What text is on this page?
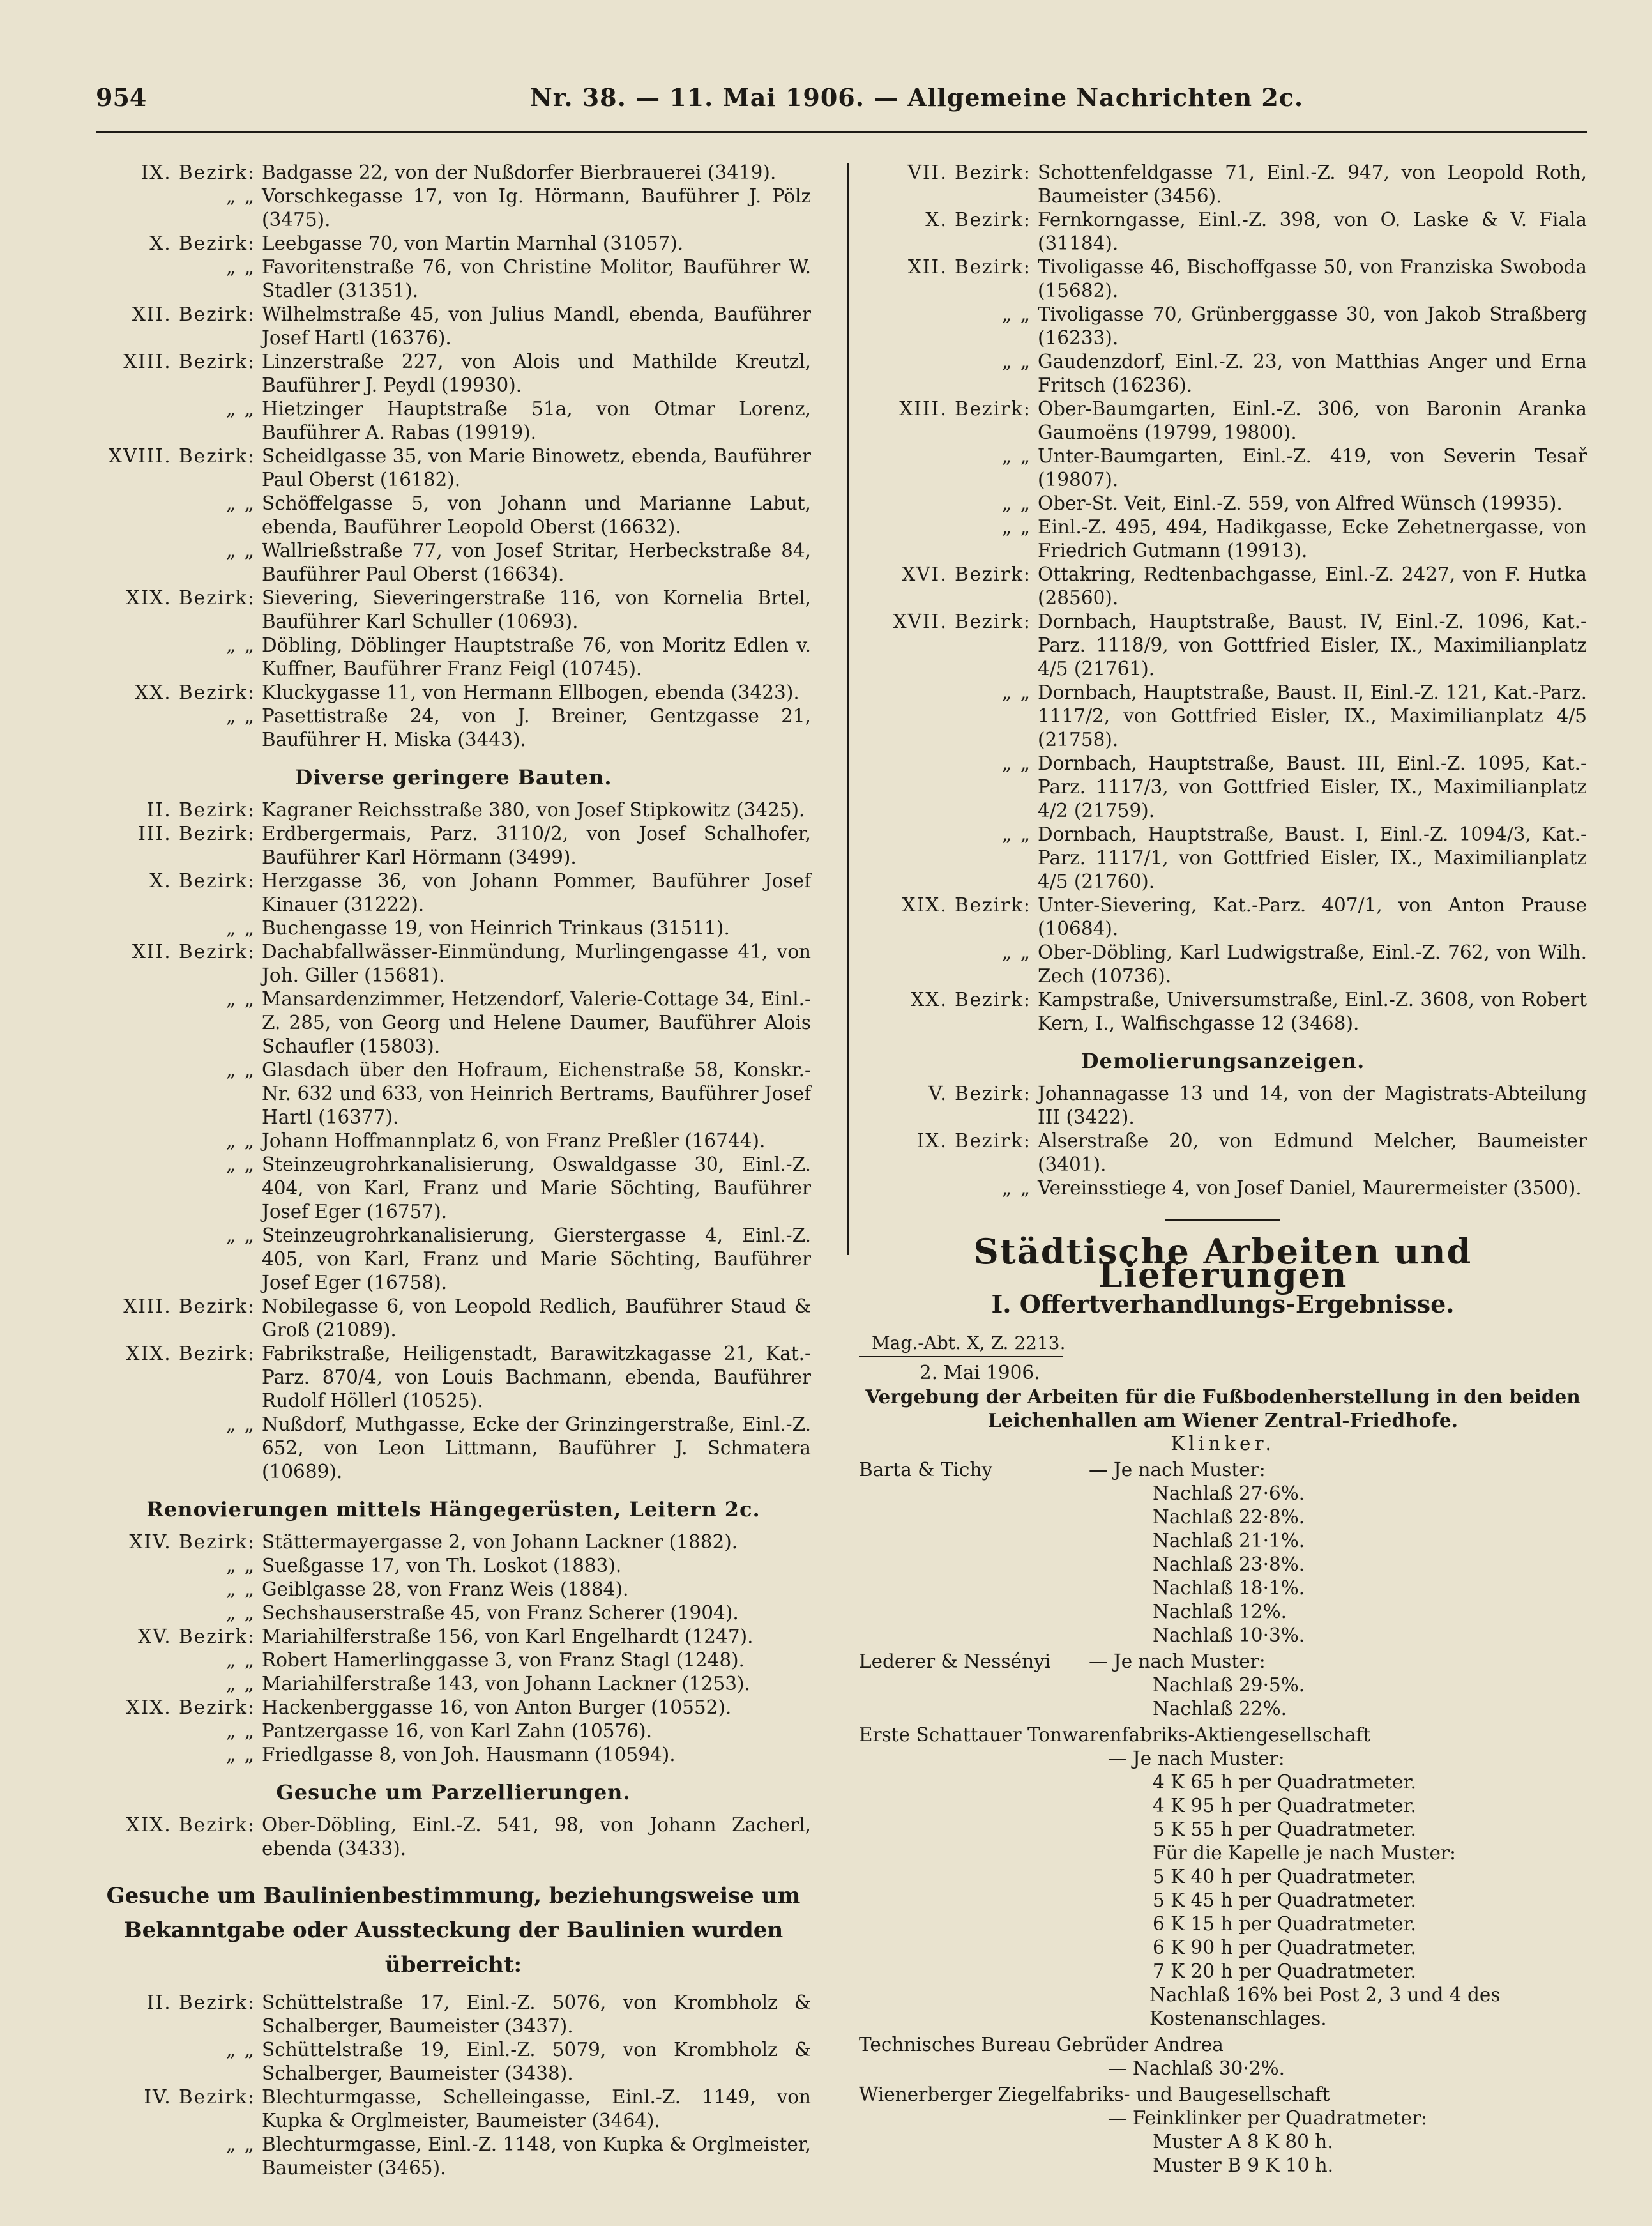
954	Nr. 38. — 11. Mai 1906. — Allgemeine Nachrichten 2c.
IX. Bezirk: Badgasse 22, von der Nußdorfer Bierbrauerei (3419).
„ „ Vorschkegasse 17, von Ig. Hörmann, Bauführer J. Pölz (3475).
X. Bezirk: Leebgasse 70, von Martin Marnhal (31057).
„ „ Favoritenstraße 76, von Christine Molitor, Bauführer W. Stadler (31351).
XII. Bezirk: Wilhelmstraße 45, von Julius Mandl, ebenda, Bauführer Josef Hartl (16376).
XIII. Bezirk: Linzerstraße 227, von Alois und Mathilde Kreutzl, Bauführer J. Peydl (19930).
„ „ Hietzinger Hauptstraße 51a, von Otmar Lorenz, Bauführer A. Rabas (19919).
XVIII. Bezirk: Scheidlgasse 35, von Marie Binowetz, ebenda, Bauführer Paul Oberst (16182).
„ „ Schöffelgasse 5, von Johann und Marianne Labut, ebenda, Bauführer Leopold Oberst (16632).
„ „ Wallrießstraße 77, von Josef Stritar, Herbeckstraße 84, Bauführer Paul Oberst (16634).
XIX. Bezirk: Sievering, Sieveringerstraße 116, von Kornelia Brtel, Bauführer Karl Schuller (10693).
„ „ Döbling, Döblinger Hauptstraße 76, von Moritz Edlen v. Kuffner, Bauführer Franz Feigl (10745).
XX. Bezirk: Kluckygasse 11, von Hermann Ellbogen, ebenda (3423).
„ „ Pasettistraße 24, von J. Breiner, Gentzgasse 21, Bauführer H. Miska (3443).
Diverse geringere Bauten.
II. Bezirk: Kagraner Reichsstraße 380, von Josef Stipkowitz (3425).
III. Bezirk: Erdbergermais, Parz. 3110/2, von Josef Schalhofer, Bauführer Karl Hörmann (3499).
X. Bezirk: Herzgasse 36, von Johann Pommer, Bauführer Josef Kinauer (31222).
„ „ Buchengasse 19, von Heinrich Trinkaus (31511).
XII. Bezirk: Dachabfallwässer-Einmündung, Murlingengasse 41, von Joh. Giller (15681).
„ „ Mansardenzimmer, Hetzendorf, Valerie-Cottage 34, Einl.-Z. 285, von Georg und Helene Daumer, Bauführer Alois Schaufler (15803).
„ „ Glasdach über den Hofraum, Eichenstraße 58, Konskr.-Nr. 632 und 633, von Heinrich Bertrams, Bauführer Josef Hartl (16377).
„ „ Johann Hoffmannplatz 6, von Franz Preßler (16744).
„ „ Steinzeugrohrkanalisierung, Oswaldgasse 30, Einl.-Z. 404, von Karl, Franz und Marie Söchting, Bauführer Josef Eger (16757).
„ „ Steinzeugrohrkanalisierung, Gierstergasse 4, Einl.-Z. 405, von Karl, Franz und Marie Söchting, Bauführer Josef Eger (16758).
XIII. Bezirk: Nobilegasse 6, von Leopold Redlich, Bauführer Staud & Groß (21089).
XIX. Bezirk: Fabrikstraße, Heiligenstadt, Barawitzkagasse 21, Kat.-Parz. 870/4, von Louis Bachmann, ebenda, Bauführer Rudolf Höllerl (10525).
„ „ Nußdorf, Muthgasse, Ecke der Grinzingerstraße, Einl.-Z. 652, von Leon Littmann, Bauführer J. Schmatera (10689).
Renovierungen mittels Hängegerüsten, Leitern 2c.
XIV. Bezirk: Stättermayergasse 2, von Johann Lackner (1882).
„ „ Sueßgasse 17, von Th. Loskot (1883).
„ „ Geiblgasse 28, von Franz Weis (1884).
„ „ Sechshauserstraße 45, von Franz Scherer (1904).
XV. Bezirk: Mariahilferstraße 156, von Karl Engelhardt (1247).
„ „ Robert Hamerlinggasse 3, von Franz Stagl (1248).
„ „ Mariahilferstraße 143, von Johann Lackner (1253).
XIX. Bezirk: Hackenberggasse 16, von Anton Burger (10552).
„ „ Pantzergasse 16, von Karl Zahn (10576).
„ „ Friedlgasse 8, von Joh. Hausmann (10594).
Gesuche um Parzellierungen.
XIX. Bezirk: Ober-Döbling, Einl.-Z. 541, 98, von Johann Zacherl, ebenda (3433).
Gesuche um Baulinienbestimmung, beziehungsweise um Bekanntgabe oder Aussteckung der Baulinien wurden überreicht:
II. Bezirk: Schüttelstraße 17, Einl.-Z. 5076, von Krombholz & Schalberger, Baumeister (3437).
„ „ Schüttelstraße 19, Einl.-Z. 5079, von Krombholz & Schalberger, Baumeister (3438).
IV. Bezirk: Blechturmgasse, Schelleingasse, Einl.-Z. 1149, von Kupka & Orglmeister, Baumeister (3464).
„ „ Blechturmgasse, Einl.-Z. 1148, von Kupka & Orglmeister, Baumeister (3465).
VII. Bezirk: Schottenfeldgasse 71, Einl.-Z. 947, von Leopold Roth, Baumeister (3456).
X. Bezirk: Fernkorngasse, Einl.-Z. 398, von O. Laske & V. Fiala (31184).
XII. Bezirk: Tivoligasse 46, Bischoffgasse 50, von Franziska Swoboda (15682).
„ „ Tivoligasse 70, Grünberggasse 30, von Jakob Straßberg (16233).
„ „ Gaudenzdorf, Einl.-Z. 23, von Matthias Anger und Erna Fritsch (16236).
XIII. Bezirk: Ober-Baumgarten, Einl.-Z. 306, von Baronin Aranka Gaumoëns (19799, 19800).
„ „ Unter-Baumgarten, Einl.-Z. 419, von Severin Tesař (19807).
„ „ Ober-St. Veit, Einl.-Z. 559, von Alfred Wünsch (19935).
„ „ Einl.-Z. 495, 494, Hadikgasse, Ecke Zehetnergasse, von Friedrich Gutmann (19913).
XVI. Bezirk: Ottakring, Redtenbachgasse, Einl.-Z. 2427, von F. Hutka (28560).
XVII. Bezirk: Dornbach, Hauptstraße, Baust. IV, Einl.-Z. 1096, Kat.-Parz. 1118/9, von Gottfried Eisler, IX., Maximilianplatz 4/5 (21761).
„ „ Dornbach, Hauptstraße, Baust. II, Einl.-Z. 121, Kat.-Parz. 1117/2, von Gottfried Eisler, IX., Maximilianplatz 4/5 (21758).
„ „ Dornbach, Hauptstraße, Baust. III, Einl.-Z. 1095, Kat.-Parz. 1117/3, von Gottfried Eisler, IX., Maximilianplatz 4/2 (21759).
„ „ Dornbach, Hauptstraße, Baust. I, Einl.-Z. 1094/3, Kat.-Parz. 1117/1, von Gottfried Eisler, IX., Maximilianplatz 4/5 (21760).
XIX. Bezirk: Unter-Sievering, Kat.-Parz. 407/1, von Anton Prause (10684).
„ „ Ober-Döbling, Karl Ludwigstraße, Einl.-Z. 762, von Wilh. Zech (10736).
XX. Bezirk: Kampstraße, Universumstraße, Einl.-Z. 3608, von Robert Kern, I., Walfischgasse 12 (3468).
Demolierungsanzeigen.
V. Bezirk: Johannagasse 13 und 14, von der Magistrats-Abteilung III (3422).
IX. Bezirk: Alserstraße 20, von Edmund Melcher, Baumeister (3401).
„ „ Vereinsstiege 4, von Josef Daniel, Maurermeister (3500).
Städtische Arbeiten und Lieferungen
I. Offertverhandlungs-Ergebnisse.
Mag.-Abt. X, Z. 2213.
2. Mai 1906.
Vergebung der Arbeiten für die Fußbodenherstellung in den beiden Leichenhallen am Wiener Zentral-Friedhofe.
Klinker.
Barta & Tichy	— Je nach Muster:
Nachlaß 27·6%.
Nachlaß 22·8%.
Nachlaß 21·1%.
Nachlaß 23·8%.
Nachlaß 18·1%.
Nachlaß 12%.
Nachlaß 10·3%.
Lederer & Nessényi	— Je nach Muster:
Nachlaß 29·5%.
Nachlaß 22%.
Erste Schattauer Tonwarenfabriks-Aktiengesellschaft
— Je nach Muster:
4 K 65 h per Quadratmeter.
4 K 95 h per Quadratmeter.
5 K 55 h per Quadratmeter.
Für die Kapelle je nach Muster:
5 K 40 h per Quadratmeter.
5 K 45 h per Quadratmeter.
6 K 15 h per Quadratmeter.
6 K 90 h per Quadratmeter.
7 K 20 h per Quadratmeter.
Nachlaß 16% bei Post 2, 3 und 4 des Kostenanschlages.
Technisches Bureau Gebrüder Andrea
— Nachlaß 30·2%.
Wienerberger Ziegelfabriks- und Baugesellschaft
— Feinklinker per Quadratmeter:
Muster A 8 K 80 h.
Muster B 9 K 10 h.
